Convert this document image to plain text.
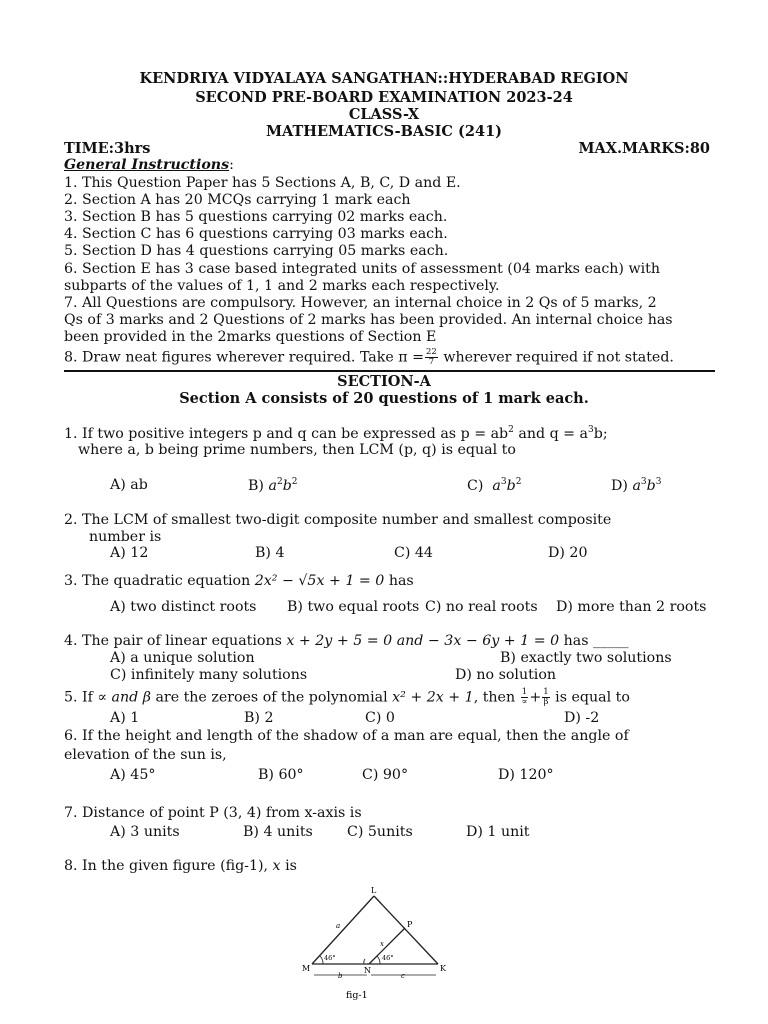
KENDRIYA VIDYALAYA SANGATHAN::HYDERABAD REGION
SECOND PRE-BOARD EXAMINATION 2023-24
CLASS-X
MATHEMATICS-BASIC (241)
TIME:3hrs	MAX.MARKS:80
General Instructions:
1. This Question Paper has 5 Sections A, B, C, D and E.
2. Section A has 20 MCQs carrying 1 mark each
3. Section B has 5 questions carrying 02 marks each.
4. Section C has 6 questions carrying 03 marks each.
5. Section D has 4 questions carrying 05 marks each.
6. Section E has 3 case based integrated units of assessment (04 marks each) with
subparts of the values of 1, 1 and 2 marks each respectively.
7. All Questions are compulsory. However, an internal choice in 2 Qs of 5 marks, 2
Qs of 3 marks and 2 Questions of 2 marks has been provided. An internal choice has
been provided in the 2marks questions of Section E
8. Draw neat figures wherever required. Take $\pi = \frac{22}{7}$ wherever required if not stated.
SECTION-A
Section A consists of 20 questions of 1 mark each.
1. If two positive integers p and q can be expressed as $p = ab^2$ and $q = a^3b$;
where a, b being prime numbers, then LCM (p, q) is equal to
A) ab	B) $a^2b^2$	C) $a^3b^2$	D) $a^3b^3$
2. The LCM of smallest two-digit composite number and smallest composite
number is
A) 12	B) 4	C) 44	D) 20
3. The quadratic equation 2x² − √5x + 1 = 0 has
A) two distinct roots B) two equal roots C) no real roots D) more than 2 roots
4. The pair of linear equations x + 2y + 5 = 0 and − 3x − 6y + 1 = 0 has _____
A) a unique solution	B) exactly two solutions
C) infinitely many solutions	D) no solution
5. If ∝ and β are the zeroes of the polynomial x² + 2x + 1, then $\frac{1}{\propto} + \frac{1}{\beta}$ is equal to
A) 1	B) 2	C) 0	D) -2
6. If the height and length of the shadow of a man are equal, then the angle of
elevation of the sun is,
A) 45°	B) 60°	C) 90°	D) 120°
7. Distance of point P (3, 4) from x-axis is
A) 3 units	B) 4 units C) 5units	D) 1 unit
8. In the given figure (fig-1), x is
L
P
M	N	K
a
x
46°	46°
b	c
fig-1
